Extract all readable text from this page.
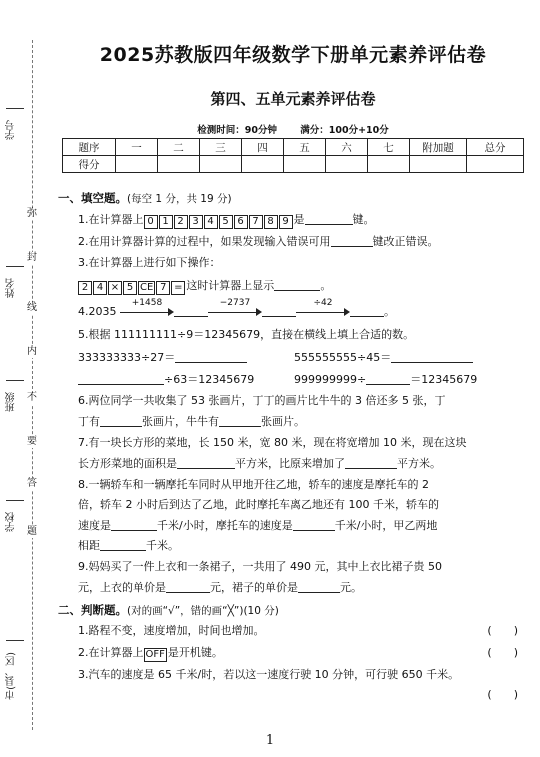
学号
姓名
班级
学校
市(县、区)
弥
封
线
内
不
要
答
题
2025苏教版四年级数学下册单元素养评估卷
第四、五单元素养评估卷
检测时间：90分钟 满分：100分+10分
题序	一	二	三	四	五	六	七	附加题	总分
得分									
一、填空题。(每空 1 分，共 19 分)
1.在计算器上 0 1 2 3 4 5 6 7 8 9 是	键。
2.在用计算器计算的过程中，如果发现输入错误可用	键改正错误。
3.在计算器上进行如下操作：
2 4 × 5 CE 7 = 这时计算器上显示	。
4.2035
+1458	−2737	÷42
。
5.根据 111111111÷9＝12345679，直接在横线上填上合适的数。
333333333÷27＝	555555555÷45＝
÷63＝12345679	999999999÷	＝12345679
6.两位同学一共收集了 53 张画片，丁丁的画片比牛牛的 3 倍还多 5 张，丁
丁有	张画片，牛牛有	张画片。
7.有一块长方形的菜地，长 150 米，宽 80 米，现在将宽增加 10 米，现在这块
长方形菜地的面积是	平方米，比原来增加了	平方米。
8.一辆轿车和一辆摩托车同时从甲地开往乙地，轿车的速度是摩托车的 2
倍，轿车 2 小时后到达了乙地，此时摩托车离乙地还有 100 千米，轿车的
速度是	千米/小时，摩托车的速度是	千米/小时，甲乙两地
相距	千米。
9.妈妈买了一件上衣和一条裙子，一共用了 490 元，其中上衣比裙子贵 50
元，上衣的单价是	元，裙子的单价是	元。
二、判断题。(对的画“√”，错的画“╳”)(10 分)
1.路程不变，速度增加，时间也增加。	(　　)
2.在计算器上 OFF 是开机键。	(　　)
3.汽车的速度是 65 千米/时，若以这一速度行驶 10 分钟，可行驶 650 千米。
(　　)
1
